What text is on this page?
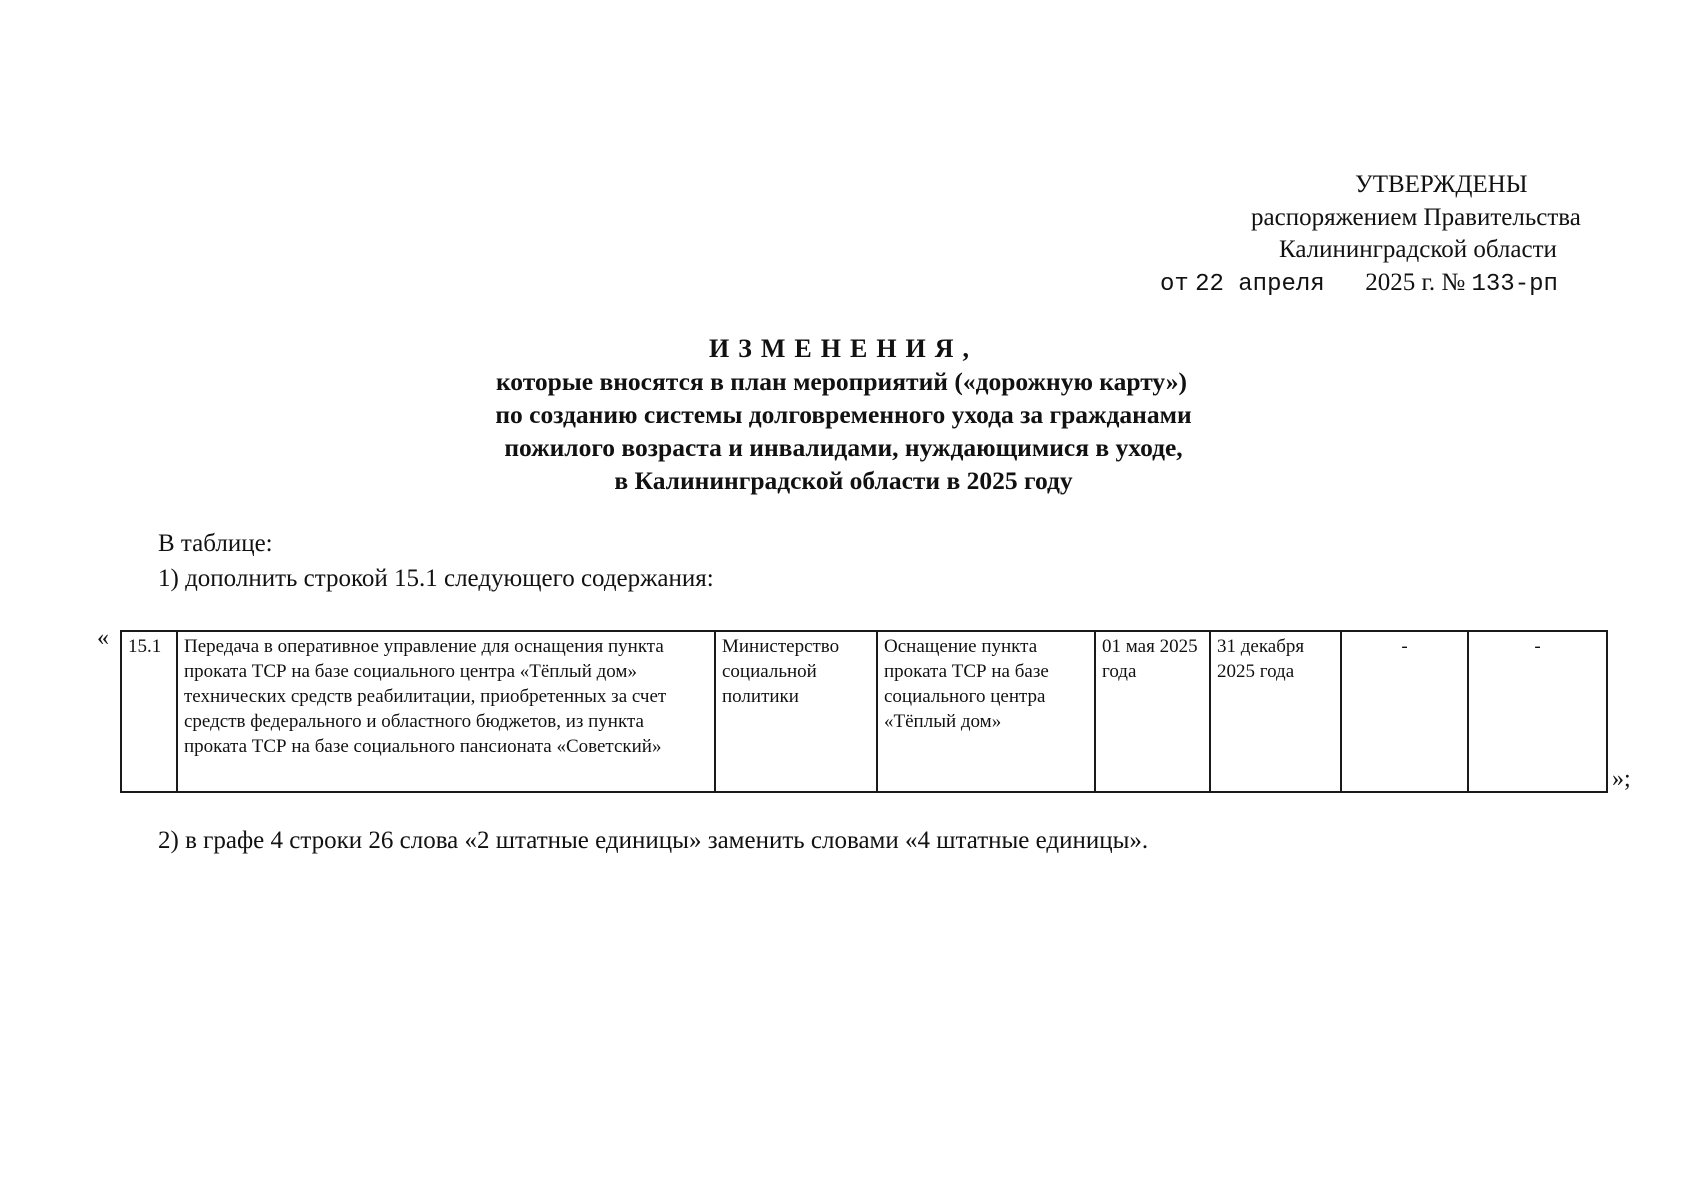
УТВЕРЖДЕНЫ
распоряжением Правительства
Калининградской области
от 22 апреля 2025 г. № 133-рп
ИЗМЕНЕНИЯ,
которые вносятся в план мероприятий («дорожную карту»)
по созданию системы долговременного ухода за гражданами
пожилого возраста и инвалидами, нуждающимися в уходе,
в Калининградской области в 2025 году
В таблице:
1) дополнить строкой 15.1 следующего содержания:
« 15.1	Передача в оперативное управление для оснащения пункта проката ТСР на базе социального центра «Тёплый дом» технических средств реабилитации, приобретенных за счет средств федерального и областного бюджетов, из пункта проката ТСР на базе социального пансионата «Советский»	Министерство социальной политики	Оснащение пункта проката ТСР на базе социального центра «Тёплый дом»	01 мая 2025 года	31 декабря 2025 года	-	-
»;
2) в графе 4 строки 26 слова «2 штатные единицы» заменить словами «4 штатные единицы».
